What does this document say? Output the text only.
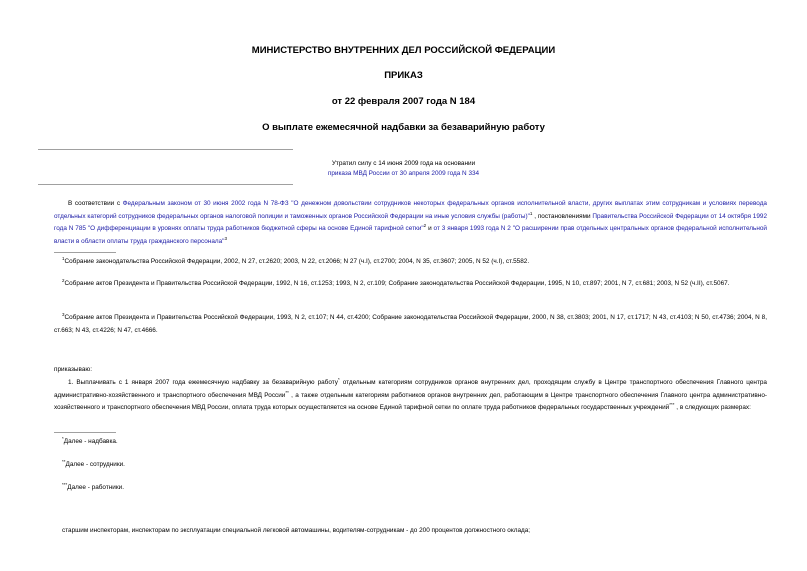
МИНИСТЕРСТВО ВНУТРЕННИХ ДЕЛ РОССИЙСКОЙ ФЕДЕРАЦИИ
ПРИКАЗ
от 22 февраля 2007 года N 184
О выплате ежемесячной надбавки за безаварийную работу
Утратил силу с 14 июня 2009 года на основании
приказа МВД России от 30 апреля 2009 года N 334
В соответствии с Федеральным законом от 30 июня 2002 года N 78-ФЗ "О денежном довольствии сотрудников некоторых федеральных органов исполнительной власти, других выплатах этим сотрудникам и условиях перевода отдельных категорий сотрудников федеральных органов налоговой полиции и таможенных органов Российской Федерации на иные условия службы (работы)"$^1$ , постановлениями Правительства Российской Федерации от 14 октября 1992 года N 785 "О дифференциации в уровнях оплаты труда работников бюджетной сферы на основе Единой тарифной сетки"$^2$ и от 3 января 1993 года N 2 "О расширении прав отдельных центральных органов федеральной исполнительной власти в области оплаты труда гражданского персонала"$^3$
$^1$Собрание законодательства Российской Федерации, 2002, N 27, ст.2620; 2003, N 22, ст.2066; N 27 (ч.I), ст.2700; 2004, N 35, ст.3607; 2005, N 52 (ч.I), ст.5582.
$^2$Собрание актов Президента и Правительства Российской Федерации, 1992, N 16, ст.1253; 1993, N 2, ст.109; Собрание законодательства Российской Федерации, 1995, N 10, ст.897; 2001, N 7, ст.681; 2003, N 52 (ч.II), ст.5067.
$^3$Собрание актов Президента и Правительства Российской Федерации, 1993, N 2, ст.107; N 44, ст.4200; Собрание законодательства Российской Федерации, 2000, N 38, ст.3803; 2001, N 17, ст.1717; N 43, ст.4103; N 50, ст.4736; 2004, N 8, ст.663; N 43, ст.4226; N 47, ст.4666.
приказываю:
1. Выплачивать с 1 января 2007 года ежемесячную надбавку за безаварийную работу* отдельным категориям сотрудников органов внутренних дел, проходящим службу в Центре транспортного обеспечения Главного центра административно-хозяйственного и транспортного обеспечения МВД России** , а также отдельным категориям работников органов внутренних дел, работающим в Центре транспортного обеспечения Главного центра административно-хозяйственного и транспортного обеспечения МВД России, оплата труда которых осуществляется на основе Единой тарифной сетки по оплате труда работников федеральных государственных учреждений*** , в следующих размерах:
*Далее - надбавка.
**Далее - сотрудники.
***Далее - работники.
старшим инспекторам, инспекторам по эксплуатации специальной легковой автомашины, водителям-сотрудникам - до 200 процентов должностного оклада;
